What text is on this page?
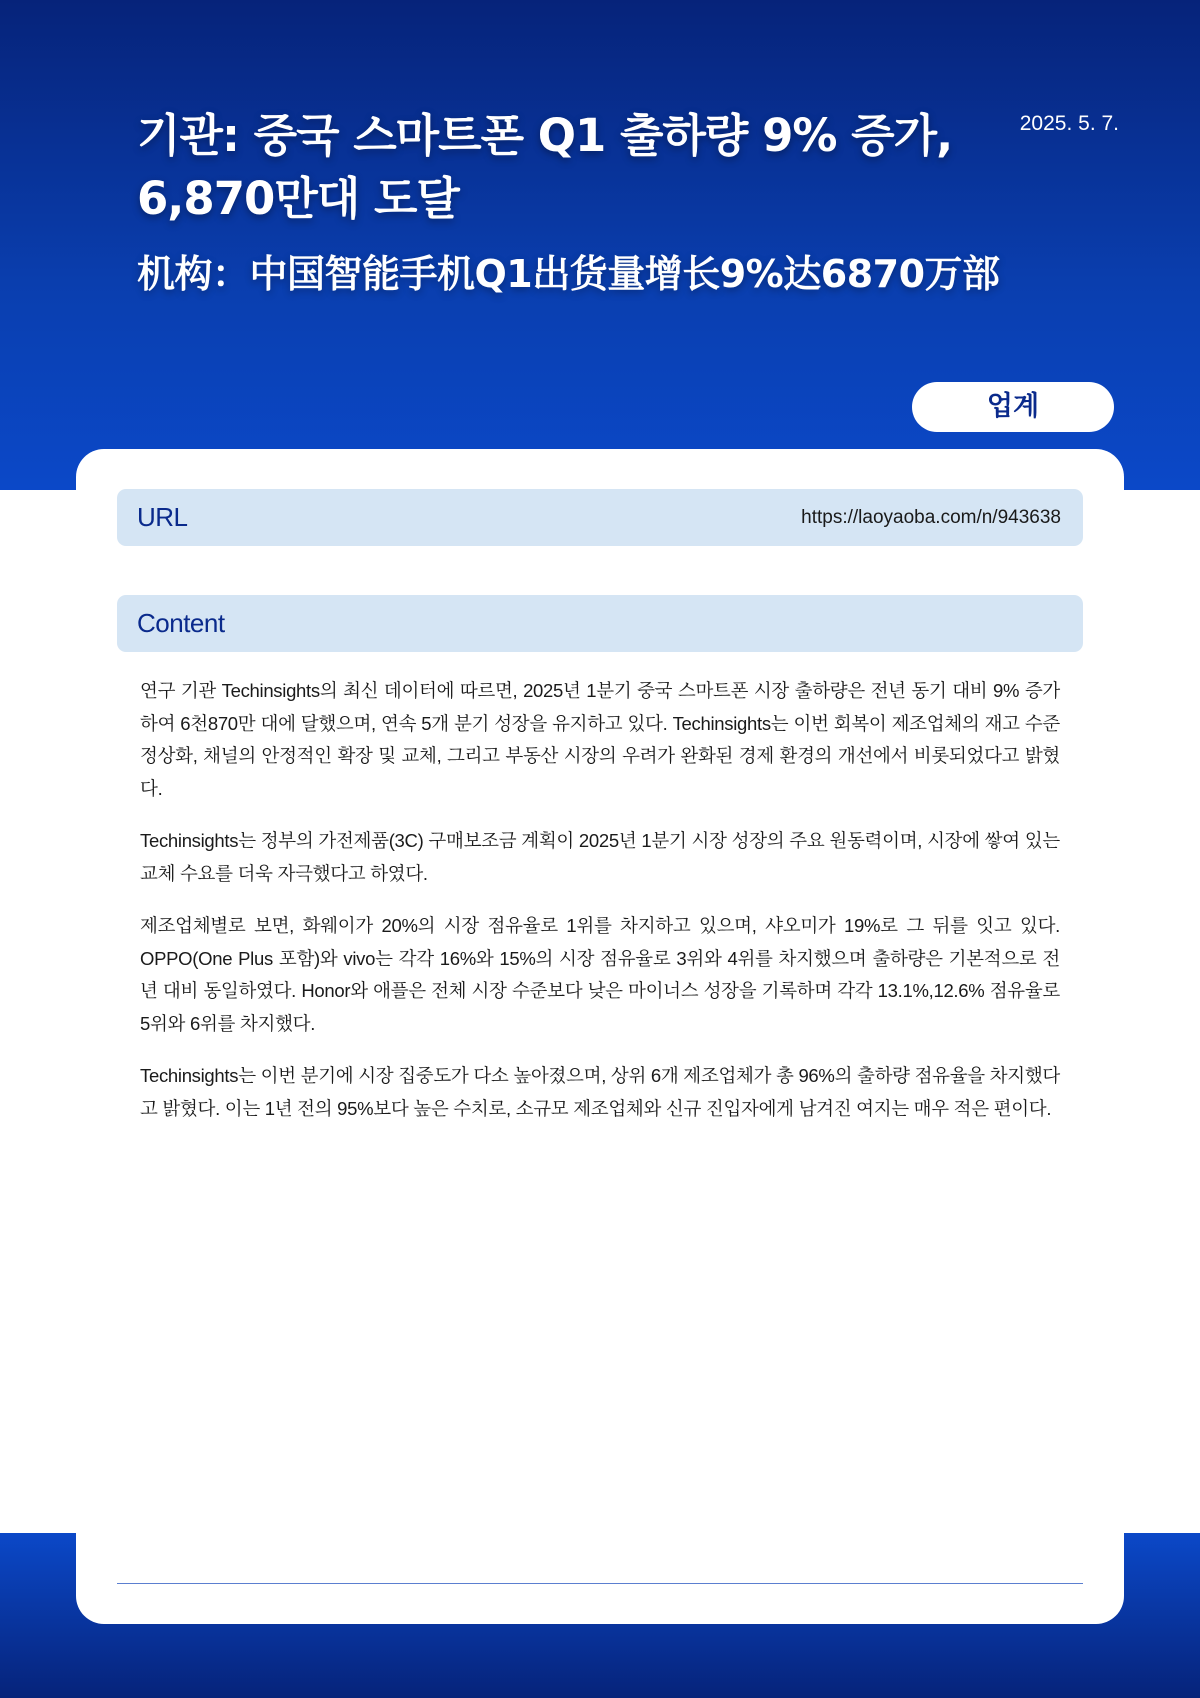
기관: 중국 스마트폰 Q1 출하량 9% 증가, 6,870만대 도달
机构：中国智能手机Q1出货量增长9%达6870万部
2025. 5. 7.
업계
URL	https://laoyaoba.com/n/943638
Content

연구 기관 Techinsights의 최신 데이터에 따르면, 2025년 1분기 중국 스마트폰 시장 출하량은 전년 동기 대비 9% 증가하여 6천870만 대에 달했으며, 연속 5개 분기 성장을 유지하고 있다. Techinsights는 이번 회복이 제조업체의 재고 수준 정상화, 채널의 안정적인 확장 및 교체, 그리고 부동산 시장의 우려가 완화된 경제 환경의 개선에서 비롯되었다고 밝혔다.

Techinsights는 정부의 가전제품(3C) 구매보조금 계획이 2025년 1분기 시장 성장의 주요 원동력이며, 시장에 쌓여 있는 교체 수요를 더욱 자극했다고 하였다.

제조업체별로 보면, 화웨이가 20%의 시장 점유율로 1위를 차지하고 있으며, 샤오미가 19%로 그 뒤를 잇고 있다. OPPO(One Plus 포함)와 vivo는 각각 16%와 15%의 시장 점유율로 3위와 4위를 차지했으며 출하량은 기본적으로 전년 대비 동일하였다. Honor와 애플은 전체 시장 수준보다 낮은 마이너스 성장을 기록하며 각각 13.1%,12.6% 점유율로 5위와 6위를 차지했다.

Techinsights는 이번 분기에 시장 집중도가 다소 높아졌으며, 상위 6개 제조업체가 총 96%의 출하량 점유율을 차지했다고 밝혔다. 이는 1년 전의 95%보다 높은 수치로, 소규모 제조업체와 신규 진입자에게 남겨진 여지는 매우 적은 편이다.
